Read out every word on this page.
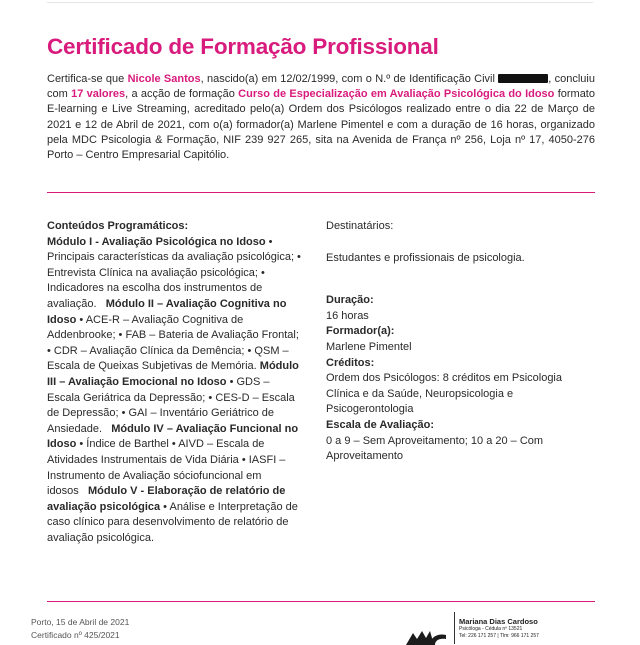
Certificado de Formação Profissional

Certifica-se que Nicole Santos, nascido(a) em 12/02/1999, com o N.º de Identificação Civil	, concluiu com 17 valores, a acção de formação Curso de Especialização em Avaliação Psicológica do Idoso formato E-learning e Live Streaming, acreditado pelo(a) Ordem dos Psicólogos realizado entre o dia 22 de Março de 2021 e 12 de Abril de 2021, com o(a) formador(a) Marlene Pimentel e com a duração de 16 horas, organizado pela MDC Psicologia & Formação, NIF 239 927 265, sita na Avenida de França nº 256, Loja nº 17, 4050-276 Porto – Centro Empresarial Capitólio.

Conteúdos Programáticos:
Módulo I - Avaliação Psicológica no Idoso • Principais características da avaliação psicológica; • Entrevista Clínica na avaliação psicológica; • Indicadores na escolha dos instrumentos de avaliação. Módulo II – Avaliação Cognitiva no Idoso • ACE-R – Avaliação Cognitiva de Addenbrooke; • FAB – Bateria de Avaliação Frontal; • CDR – Avaliação Clínica da Demência; • QSM – Escala de Queixas Subjetivas de Memória. Módulo III – Avaliação Emocional no Idoso • GDS – Escala Geriátrica da Depressão; • CES-D – Escala de Depressão; • GAI – Inventário Geriátrico de Ansiedade. Módulo IV – Avaliação Funcional no Idoso • Índice de Barthel • AIVD – Escala de Atividades Instrumentais de Vida Diária • IASFI – Instrumento de Avaliação sóciofuncional em idosos Módulo V - Elaboração de relatório de avaliação psicológica • Análise e Interpretação de caso clínico para desenvolvimento de relatório de avaliação psicológica.
Destinatários:
Estudantes e profissionais de psicologia.
Duração:
16 horas
Formador(a):
Marlene Pimentel
Créditos:
Ordem dos Psicólogos: 8 créditos em Psicologia Clínica e da Saúde, Neuropsicologia e Psicogerontologia
Escala de Avaliação:
0 a 9 – Sem Aproveitamento; 10 a 20 – Com Aproveitamento
Porto, 15 de Abril de 2021
Certificado nº 425/2021
Mariana Dias Cardoso
Psicóloga - Cédula nº 13521
Tel: 226 171 257 | Tlm: 966 171 257
